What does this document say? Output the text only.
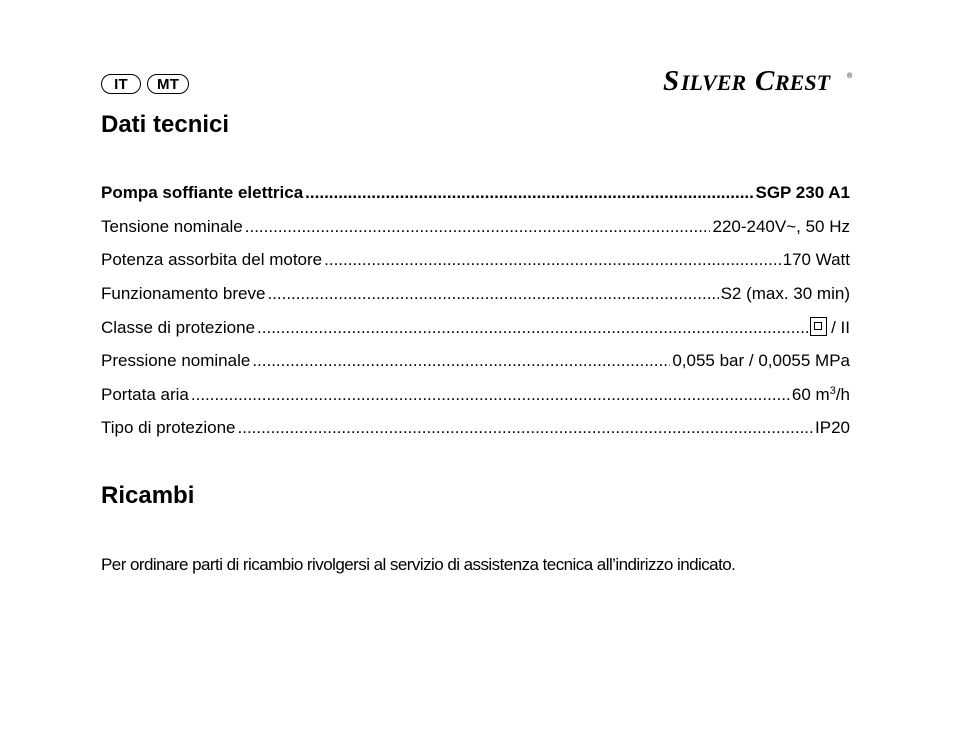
IT	MT	S ILVER C REST ®
Dati tecnici
Pompa soffiante elettrica .....	SGP 230 A1
Tensione nominale .....	220-240V~, 50 Hz
Potenza assorbita del motore .....	170 Watt
Funzionamento breve .....	S2 (max. 30 min)
Classe di protezione .....	/ II
Pressione nominale .....	0,055 bar / 0,0055 MPa
Portata aria .....	60 $m^3/h$
Tipo di protezione .....	IP20
Ricambi

Per ordinare parti di ricambio rivolgersi al servizio di assistenza tecnica all’indirizzo indicato.
